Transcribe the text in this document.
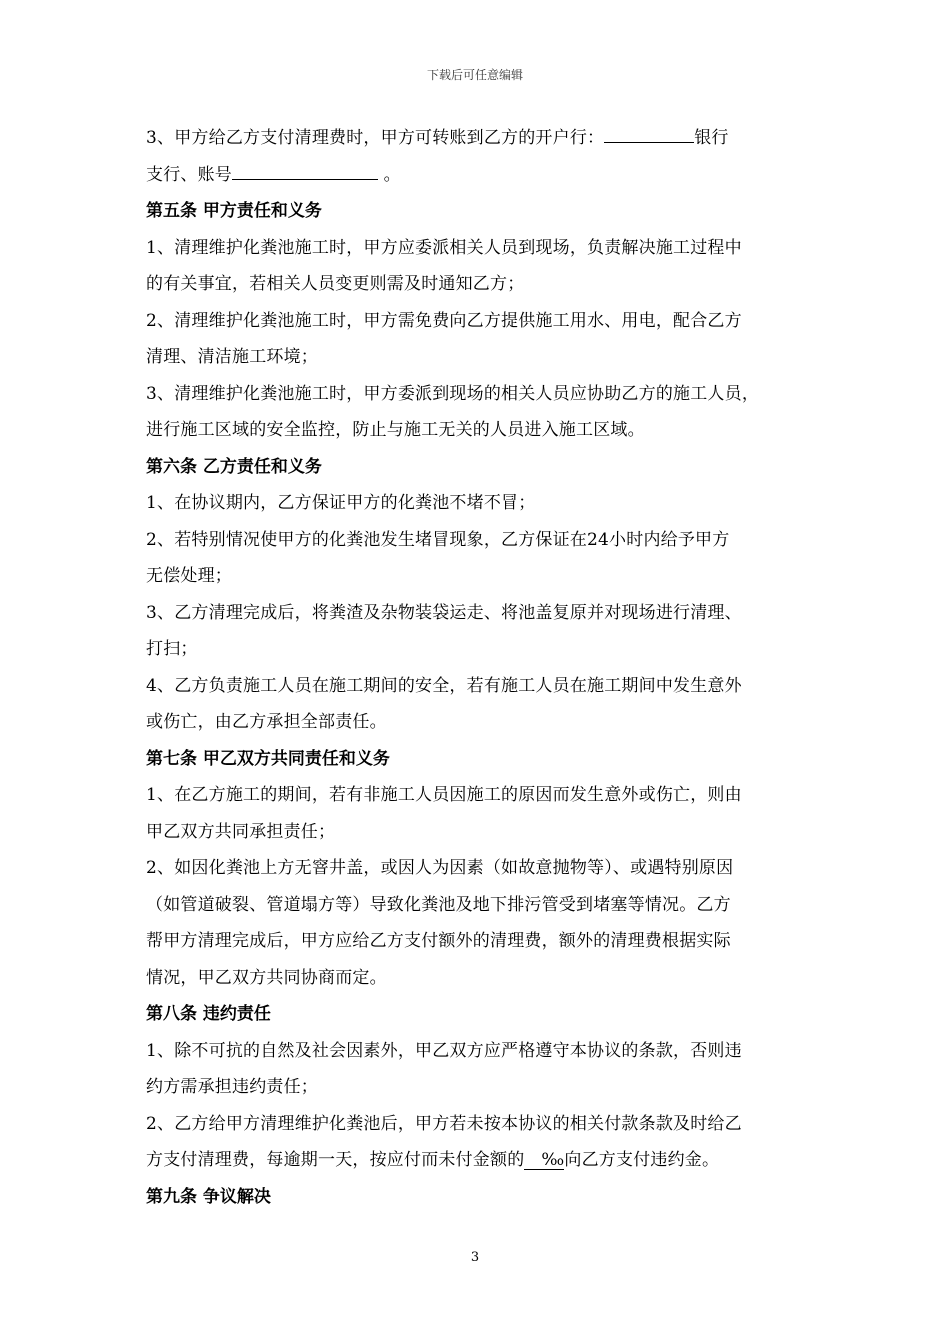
下载后可任意编辑

3、甲方给乙方支付清理费时，甲方可转账到乙方的开户行：	银行

支行、账号	。

第五条 甲方责任和义务

1、清理维护化粪池施工时，甲方应委派相关人员到现场，负责解决施工过程中

的有关事宜，若相关人员变更则需及时通知乙方；

2、清理维护化粪池施工时，甲方需免费向乙方提供施工用水、用电，配合乙方

清理、清洁施工环境；

3、清理维护化粪池施工时，甲方委派到现场的相关人员应协助乙方的施工人员，

进行施工区域的安全监控，防止与施工无关的人员进入施工区域。

第六条 乙方责任和义务

1、在协议期内，乙方保证甲方的化粪池不堵不冒；

2、若特别情况使甲方的化粪池发生堵冒现象，乙方保证在24小时内给予甲方

无偿处理；

3、乙方清理完成后，将粪渣及杂物装袋运走、将池盖复原并对现场进行清理、

打扫；

4、乙方负责施工人员在施工期间的安全，若有施工人员在施工期间中发生意外

或伤亡，由乙方承担全部责任。

第七条 甲乙双方共同责任和义务

1、在乙方施工的期间，若有非施工人员因施工的原因而发生意外或伤亡，则由

甲乙双方共同承担责任；

2、如因化粪池上方无窨井盖，或因人为因素（如故意抛物等）、或遇特别原因

（如管道破裂、管道塌方等）导致化粪池及地下排污管受到堵塞等情况。乙方

帮甲方清理完成后，甲方应给乙方支付额外的清理费，额外的清理费根据实际

情况，甲乙双方共同协商而定。

第八条 违约责任

1、除不可抗的自然及社会因素外，甲乙双方应严格遵守本协议的条款，否则违

约方需承担违约责任；

2、乙方给甲方清理维护化粪池后，甲方若未按本协议的相关付款条款及时给乙

方支付清理费，每逾期一天，按应付而未付金额的 ‰向乙方支付违约金。

第九条 争议解决

3
